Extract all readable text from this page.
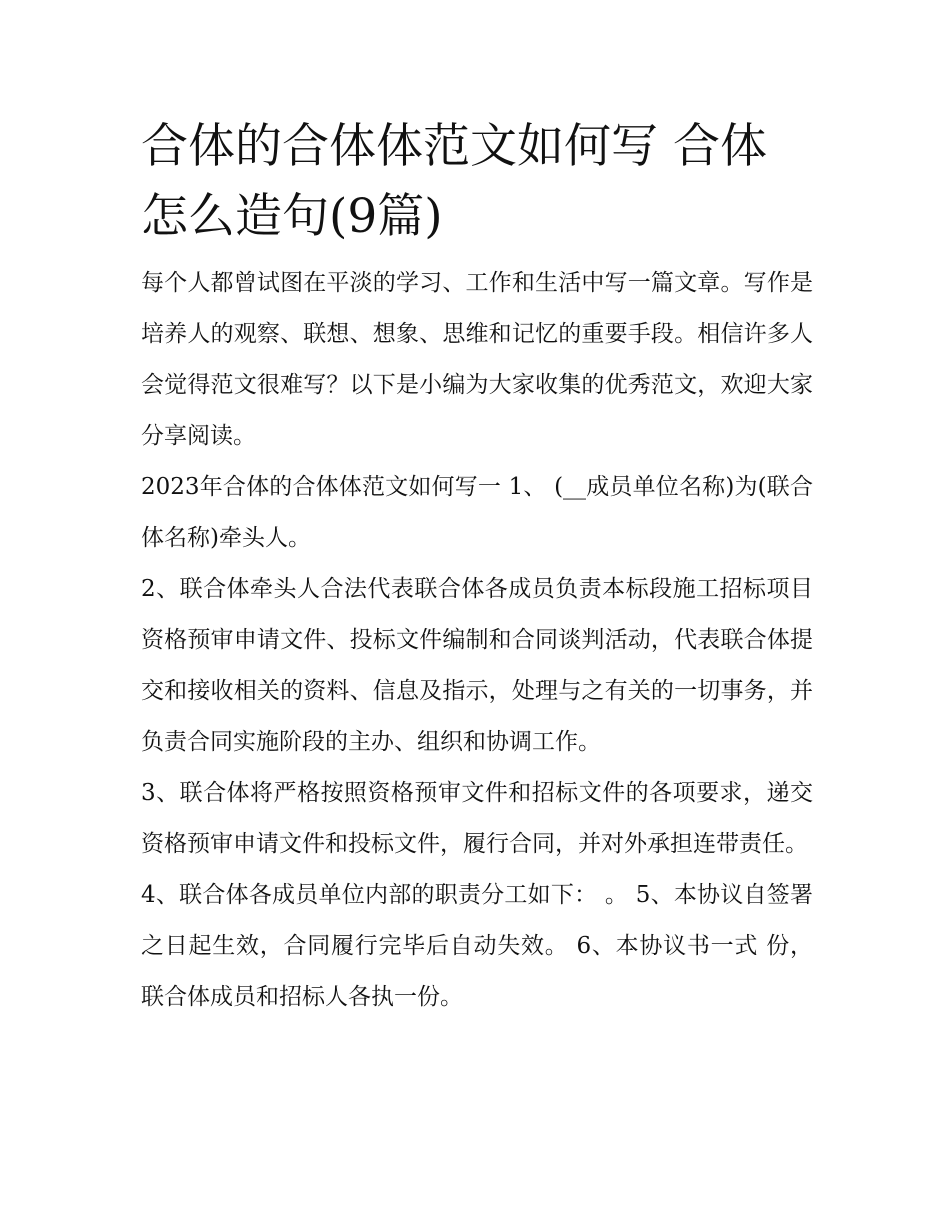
合体的合体体范文如何写 合体怎么造句(9篇)

每个人都曾试图在平淡的学习、工作和生活中写一篇文章。写作是培养人的观察、联想、想象、思维和记忆的重要手段。相信许多人会觉得范文很难写？以下是小编为大家收集的优秀范文，欢迎大家分享阅读。

2023年合体的合体体范文如何写一 1、 (__成员单位名称)为(联合体名称)牵头人。

2、联合体牵头人合法代表联合体各成员负责本标段施工招标项目资格预审申请文件、投标文件编制和合同谈判活动，代表联合体提交和接收相关的资料、信息及指示，处理与之有关的一切事务，并负责合同实施阶段的主办、组织和协调工作。

3、联合体将严格按照资格预审文件和招标文件的各项要求，递交资格预审申请文件和投标文件，履行合同，并对外承担连带责任。

4、联合体各成员单位内部的职责分工如下： 。 5、本协议自签署之日起生效，合同履行完毕后自动失效。 6、本协议书一式 份，联合体成员和招标人各执一份。
